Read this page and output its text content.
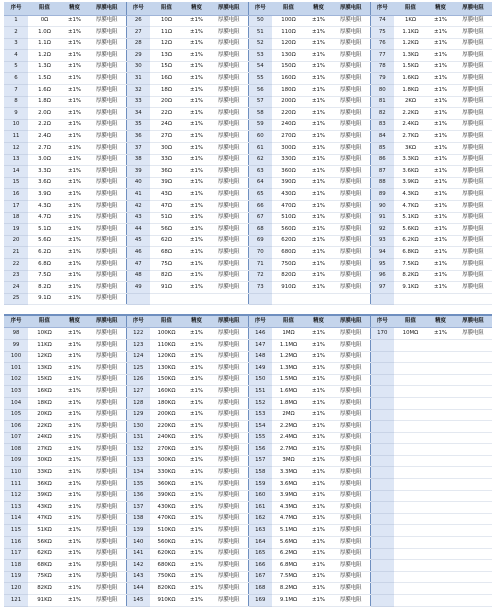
序号	阻值	精度	厚膜电阻	序号	阻值	精度	厚膜电阻	序号	阻值	精度	厚膜电阻	序号	阻值	精度	厚膜电阻
1	0Ω	±1%	厚膜电阻	26	10Ω	±1%	厚膜电阻	50	100Ω	±1%	厚膜电阻	74	1KΩ	±1%	厚膜电阻
2	1.0Ω	±1%	厚膜电阻	27	11Ω	±1%	厚膜电阻	51	110Ω	±1%	厚膜电阻	75	1.1KΩ	±1%	厚膜电阻
3	1.1Ω	±1%	厚膜电阻	28	12Ω	±1%	厚膜电阻	52	120Ω	±1%	厚膜电阻	76	1.2KΩ	±1%	厚膜电阻
4	1.2Ω	±1%	厚膜电阻	29	13Ω	±1%	厚膜电阻	53	130Ω	±1%	厚膜电阻	77	1.3KΩ	±1%	厚膜电阻
5	1.3Ω	±1%	厚膜电阻	30	15Ω	±1%	厚膜电阻	54	150Ω	±1%	厚膜电阻	78	1.5KΩ	±1%	厚膜电阻
6	1.5Ω	±1%	厚膜电阻	31	16Ω	±1%	厚膜电阻	55	160Ω	±1%	厚膜电阻	79	1.6KΩ	±1%	厚膜电阻
7	1.6Ω	±1%	厚膜电阻	32	18Ω	±1%	厚膜电阻	56	180Ω	±1%	厚膜电阻	80	1.8KΩ	±1%	厚膜电阻
8	1.8Ω	±1%	厚膜电阻	33	20Ω	±1%	厚膜电阻	57	200Ω	±1%	厚膜电阻	81	2KΩ	±1%	厚膜电阻
9	2.0Ω	±1%	厚膜电阻	34	22Ω	±1%	厚膜电阻	58	220Ω	±1%	厚膜电阻	82	2.2KΩ	±1%	厚膜电阻
10	2.2Ω	±1%	厚膜电阻	35	24Ω	±1%	厚膜电阻	59	240Ω	±1%	厚膜电阻	83	2.4KΩ	±1%	厚膜电阻
11	2.4Ω	±1%	厚膜电阻	36	27Ω	±1%	厚膜电阻	60	270Ω	±1%	厚膜电阻	84	2.7KΩ	±1%	厚膜电阻
12	2.7Ω	±1%	厚膜电阻	37	30Ω	±1%	厚膜电阻	61	300Ω	±1%	厚膜电阻	85	3KΩ	±1%	厚膜电阻
13	3.0Ω	±1%	厚膜电阻	38	33Ω	±1%	厚膜电阻	62	330Ω	±1%	厚膜电阻	86	3.3KΩ	±1%	厚膜电阻
14	3.3Ω	±1%	厚膜电阻	39	36Ω	±1%	厚膜电阻	63	360Ω	±1%	厚膜电阻	87	3.6KΩ	±1%	厚膜电阻
15	3.6Ω	±1%	厚膜电阻	40	39Ω	±1%	厚膜电阻	64	390Ω	±1%	厚膜电阻	88	3.9KΩ	±1%	厚膜电阻
16	3.9Ω	±1%	厚膜电阻	41	43Ω	±1%	厚膜电阻	65	430Ω	±1%	厚膜电阻	89	4.3KΩ	±1%	厚膜电阻
17	4.3Ω	±1%	厚膜电阻	42	47Ω	±1%	厚膜电阻	66	470Ω	±1%	厚膜电阻	90	4.7KΩ	±1%	厚膜电阻
18	4.7Ω	±1%	厚膜电阻	43	51Ω	±1%	厚膜电阻	67	510Ω	±1%	厚膜电阻	91	5.1KΩ	±1%	厚膜电阻
19	5.1Ω	±1%	厚膜电阻	44	56Ω	±1%	厚膜电阻	68	560Ω	±1%	厚膜电阻	92	5.6KΩ	±1%	厚膜电阻
20	5.6Ω	±1%	厚膜电阻	45	62Ω	±1%	厚膜电阻	69	620Ω	±1%	厚膜电阻	93	6.2KΩ	±1%	厚膜电阻
21	6.2Ω	±1%	厚膜电阻	46	68Ω	±1%	厚膜电阻	70	680Ω	±1%	厚膜电阻	94	6.8KΩ	±1%	厚膜电阻
22	6.8Ω	±1%	厚膜电阻	47	75Ω	±1%	厚膜电阻	71	750Ω	±1%	厚膜电阻	95	7.5KΩ	±1%	厚膜电阻
23	7.5Ω	±1%	厚膜电阻	48	82Ω	±1%	厚膜电阻	72	820Ω	±1%	厚膜电阻	96	8.2KΩ	±1%	厚膜电阻
24	8.2Ω	±1%	厚膜电阻	49	91Ω	±1%	厚膜电阻	73	910Ω	±1%	厚膜电阻	97	9.1KΩ	±1%	厚膜电阻
25	9.1Ω	±1%	厚膜电阻												

序号	阻值	精度	厚膜电阻	序号	阻值	精度	厚膜电阻	序号	阻值	精度	厚膜电阻	序号	阻值	精度	厚膜电阻
98	10KΩ	±1%	厚膜电阻	122	100KΩ	±1%	厚膜电阻	146	1MΩ	±1%	厚膜电阻	170	10MΩ	±1%	厚膜电阻
99	11KΩ	±1%	厚膜电阻	123	110KΩ	±1%	厚膜电阻	147	1.1MΩ	±1%	厚膜电阻				
100	12KΩ	±1%	厚膜电阻	124	120KΩ	±1%	厚膜电阻	148	1.2MΩ	±1%	厚膜电阻				
101	13KΩ	±1%	厚膜电阻	125	130KΩ	±1%	厚膜电阻	149	1.3MΩ	±1%	厚膜电阻				
102	15KΩ	±1%	厚膜电阻	126	150KΩ	±1%	厚膜电阻	150	1.5MΩ	±1%	厚膜电阻				
103	16KΩ	±1%	厚膜电阻	127	160KΩ	±1%	厚膜电阻	151	1.6MΩ	±1%	厚膜电阻				
104	18KΩ	±1%	厚膜电阻	128	180KΩ	±1%	厚膜电阻	152	1.8MΩ	±1%	厚膜电阻				
105	20KΩ	±1%	厚膜电阻	129	200KΩ	±1%	厚膜电阻	153	2MΩ	±1%	厚膜电阻				
106	22KΩ	±1%	厚膜电阻	130	220KΩ	±1%	厚膜电阻	154	2.2MΩ	±1%	厚膜电阻				
107	24KΩ	±1%	厚膜电阻	131	240KΩ	±1%	厚膜电阻	155	2.4MΩ	±1%	厚膜电阻				
108	27KΩ	±1%	厚膜电阻	132	270KΩ	±1%	厚膜电阻	156	2.7MΩ	±1%	厚膜电阻				
109	30KΩ	±1%	厚膜电阻	133	300KΩ	±1%	厚膜电阻	157	3MΩ	±1%	厚膜电阻				
110	33KΩ	±1%	厚膜电阻	134	330KΩ	±1%	厚膜电阻	158	3.3MΩ	±1%	厚膜电阻				
111	36KΩ	±1%	厚膜电阻	135	360KΩ	±1%	厚膜电阻	159	3.6MΩ	±1%	厚膜电阻				
112	39KΩ	±1%	厚膜电阻	136	390KΩ	±1%	厚膜电阻	160	3.9MΩ	±1%	厚膜电阻				
113	43KΩ	±1%	厚膜电阻	137	430KΩ	±1%	厚膜电阻	161	4.3MΩ	±1%	厚膜电阻				
114	47KΩ	±1%	厚膜电阻	138	470KΩ	±1%	厚膜电阻	162	4.7MΩ	±1%	厚膜电阻				
115	51KΩ	±1%	厚膜电阻	139	510KΩ	±1%	厚膜电阻	163	5.1MΩ	±1%	厚膜电阻				
116	56KΩ	±1%	厚膜电阻	140	560KΩ	±1%	厚膜电阻	164	5.6MΩ	±1%	厚膜电阻				
117	62KΩ	±1%	厚膜电阻	141	620KΩ	±1%	厚膜电阻	165	6.2MΩ	±1%	厚膜电阻				
118	68KΩ	±1%	厚膜电阻	142	680KΩ	±1%	厚膜电阻	166	6.8MΩ	±1%	厚膜电阻				
119	75KΩ	±1%	厚膜电阻	143	750KΩ	±1%	厚膜电阻	167	7.5MΩ	±1%	厚膜电阻				
120	82KΩ	±1%	厚膜电阻	144	820KΩ	±1%	厚膜电阻	168	8.2MΩ	±1%	厚膜电阻				
121	91KΩ	±1%	厚膜电阻	145	910KΩ	±1%	厚膜电阻	169	9.1MΩ	±1%	厚膜电阻				
